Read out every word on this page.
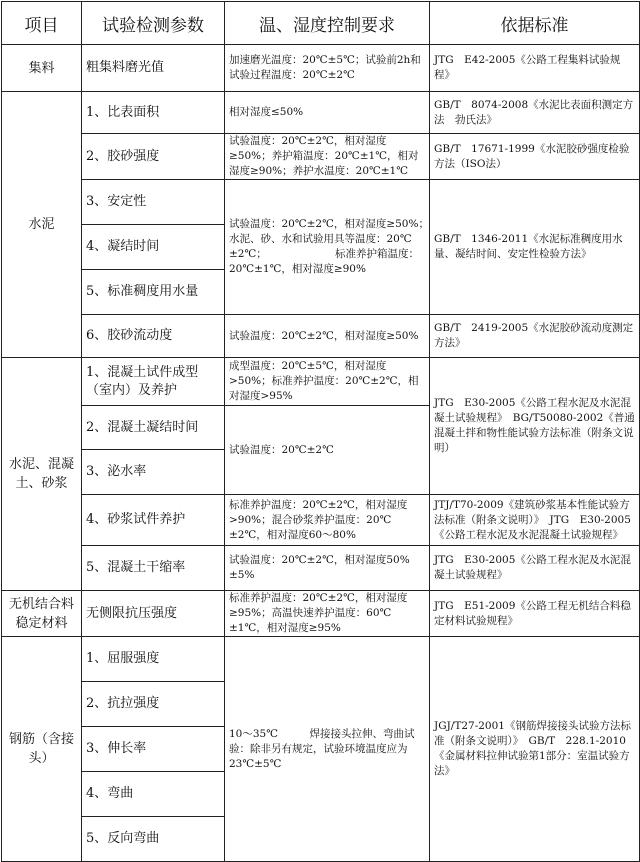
项目	试验检测参数	温、湿度控制要求	依据标准
集料	粗集料磨光值	加速磨光温度：20℃±5℃；试验前2h和试验过程温度：20℃±2℃	JTG　E42-2005《公路工程集料试验规程》
水泥	1、比表面积	相对湿度≤50%	GB/T　8074-2008《水泥比表面积测定方法　勃氏法》
	2、胶砂强度	试验温度：20℃±2℃，相对湿度≥50%；养护箱温度：20℃±1℃，相对湿度≥90%；养护水温度：20℃±1℃	GB/T　17671-1999《水泥胶砂强度检验方法（ISO法）
	3、安定性	试验温度：20℃±2℃，相对湿度≥50%；　　　　　　　　　水泥、砂、水和试验用具等温度：20℃±2℃；　　　　　　　标准养护箱温度：20℃±1℃，相对湿度≥90%	GB/T　1346-2011《水泥标准稠度用水量、凝结时间、安定性检验方法》
	4、凝结时间		
	5、标准稠度用水量		
	6、胶砂流动度	试验温度：20℃±2℃，相对湿度≥50%	GB/T　2419-2005《水泥胶砂流动度测定方法》
水泥、混凝土、砂浆	1、混凝土试件成型（室内）及养护	成型温度：20℃±5℃，相对湿度>50%；标准养护温度：20℃±2℃，相对湿度>95%	JTG　E30-2005《公路工程水泥及水泥混凝土试验规程》　BG/T50080-2002《普通混凝土拌和物性能试验方法标准（附条文说明）
	2、混凝土凝结时间	试验温度：20℃±2℃	
	3、泌水率		
	4、砂浆试件养护	标准养护温度：20℃±2℃，相对湿度>90%；混合砂浆养护温度：20℃±2℃，相对湿度60～80%	JTJ/T70-2009《建筑砂浆基本性能试验方法标准（附条文说明）》　JTG　E30-2005《公路工程水泥及水泥混凝土试验规程》
	5、混凝土干缩率	试验温度：20℃±2℃，相对湿度50%±5%	JTG　E30-2005《公路工程水泥及水泥混凝土试验规程》
无机结合料稳定材料	无侧限抗压强度	标准养护温度：20℃±2℃，相对湿度≥95%；高温快速养护温度：60℃±1℃，相对湿度≥95%	JTG　E51-2009《公路工程无机结合料稳定材料试验规程》
钢筋（含接头）	1、屈服强度	10～35℃　　　焊接接头拉伸、弯曲试验：除非另有规定，试验环境温度应为23℃±5℃	JGJ/T27-2001《钢筋焊接接头试验方法标准（附条文说明）》　GB/T　228.1-2010《金属材料拉伸试验第1部分：室温试验方法》
	2、抗拉强度		
	3、伸长率		
	4、弯曲		
	5、反向弯曲		
